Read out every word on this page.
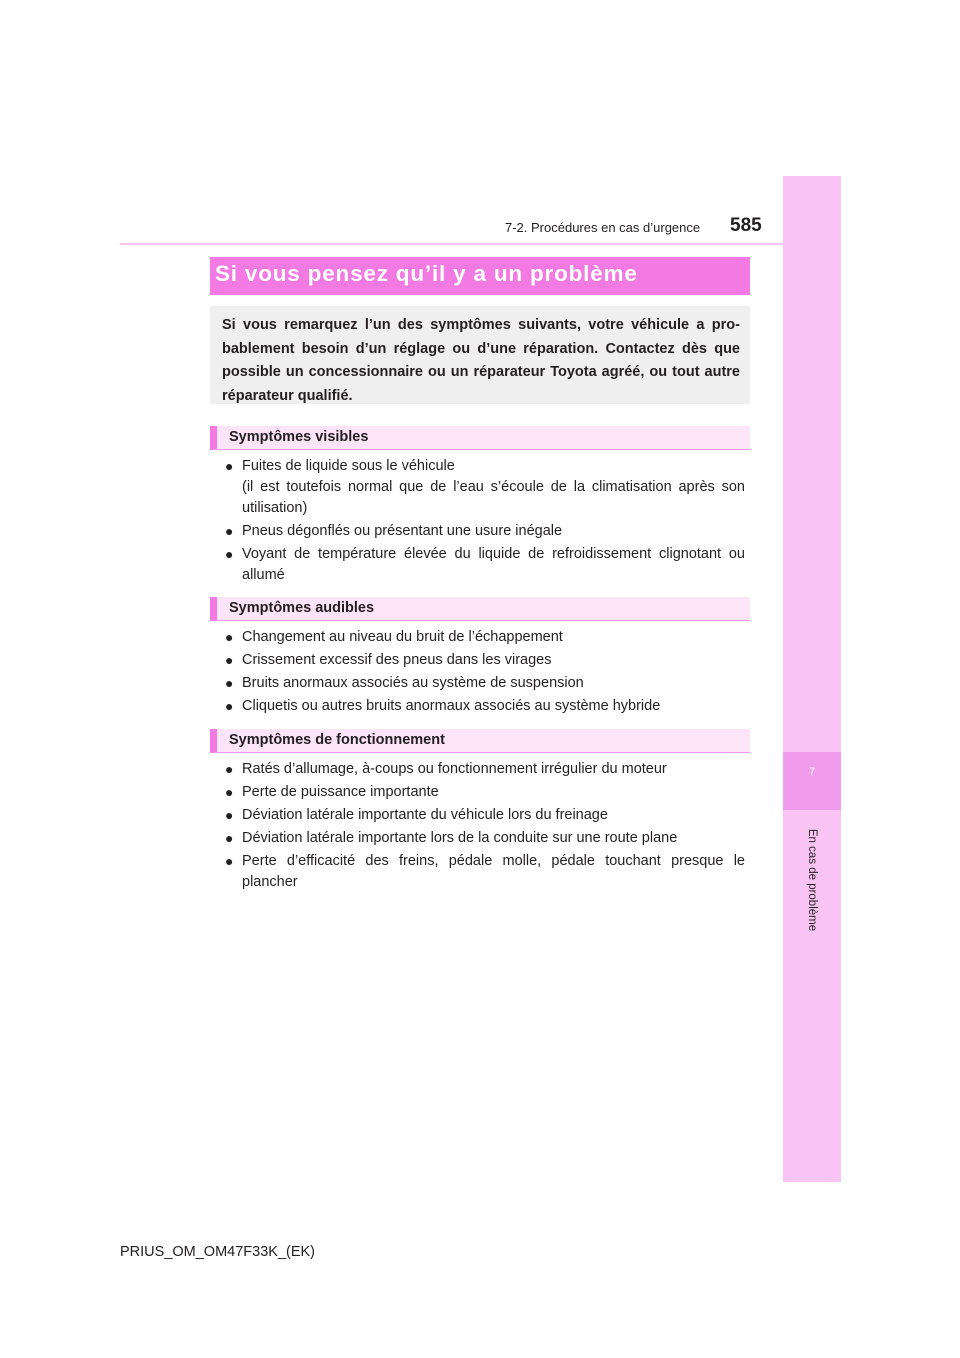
7
En cas de problème
7-2. Procédures en cas d’urgence 585
Si vous pensez qu’il y a un problème
Si vous remarquez l’un des symptômes suivants, votre véhicule a pro-bablement besoin d’un réglage ou d’une réparation. Contactez dès que possible un concessionnaire ou un réparateur Toyota agréé, ou tout autre réparateur qualifié.
Symptômes visibles
● Fuites de liquide sous le véhicule
(il est toutefois normal que de l’eau s’écoule de la climatisation après son utilisation)
● Pneus dégonflés ou présentant une usure inégale
● Voyant de température élevée du liquide de refroidissement clignotant ou allumé
Symptômes audibles
● Changement au niveau du bruit de l’échappement
● Crissement excessif des pneus dans les virages
● Bruits anormaux associés au système de suspension
● Cliquetis ou autres bruits anormaux associés au système hybride
Symptômes de fonctionnement
● Ratés d’allumage, à-coups ou fonctionnement irrégulier du moteur
● Perte de puissance importante
● Déviation latérale importante du véhicule lors du freinage
● Déviation latérale importante lors de la conduite sur une route plane
● Perte d’efficacité des freins, pédale molle, pédale touchant presque le plancher
PRIUS_OM_OM47F33K_(EK)
